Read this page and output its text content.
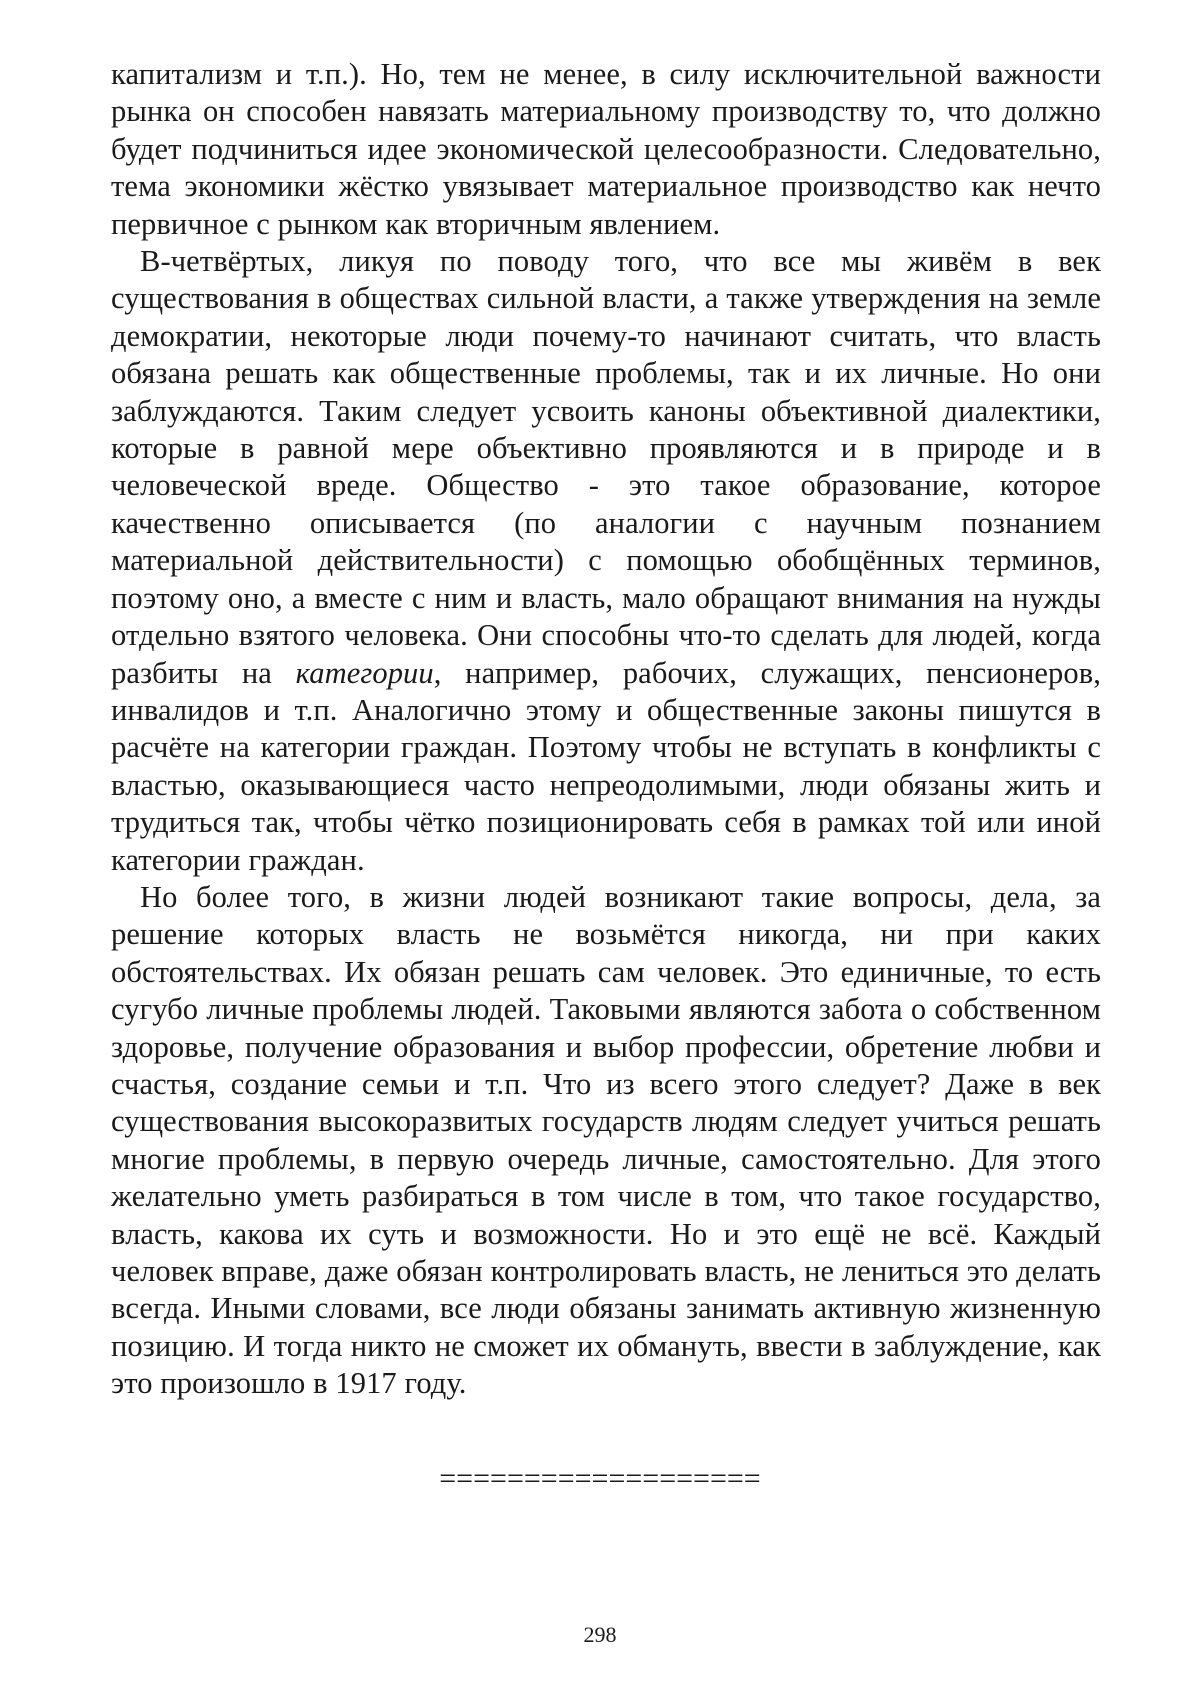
капитализм и т.п.). Но, тем не менее, в силу исключительной важности рынка он способен навязать материальному производству то, что должно будет подчиниться идее экономической целесообразности. Следовательно, тема экономики жёстко увязывает материальное производство как нечто первичное с рынком как вторичным явлением.

В-четвёртых, ликуя по поводу того, что все мы живём в век существования в обществах сильной власти, а также утверждения на земле демократии, некоторые люди почему-то начинают считать, что власть обязана решать как общественные проблемы, так и их личные. Но они заблуждаются. Таким следует усвоить каноны объективной диалектики, которые в равной мере объективно проявляются и в природе и в человеческой вреде. Общество - это такое образование, которое качественно описывается (по аналогии с научным познанием материальной действительности) с помощью обобщённых терминов, поэтому оно, а вместе с ним и власть, мало обращают внимания на нужды отдельно взятого человека. Они способны что-то сделать для людей, когда разбиты на категории, например, рабочих, служащих, пенсионеров, инвалидов и т.п. Аналогично этому и общественные законы пишутся в расчёте на категории граждан. Поэтому чтобы не вступать в конфликты с властью, оказывающиеся часто непреодолимыми, люди обязаны жить и трудиться так, чтобы чётко позиционировать себя в рамках той или иной категории граждан.

Но более того, в жизни людей возникают такие вопросы, дела, за решение которых власть не возьмётся никогда, ни при каких обстоятельствах. Их обязан решать сам человек. Это единичные, то есть сугубо личные проблемы людей. Таковыми являются забота о собственном здоровье, получение образования и выбор профессии, обретение любви и счастья, создание семьи и т.п. Что из всего этого следует? Даже в век существования высокоразвитых государств людям следует учиться решать многие проблемы, в первую очередь личные, самостоятельно. Для этого желательно уметь разбираться в том числе в том, что такое государство, власть, какова их суть и возможности. Но и это ещё не всё. Каждый человек вправе, даже обязан контролировать власть, не лениться это делать всегда. Иными словами, все люди обязаны занимать активную жизненную позицию. И тогда никто не сможет их обмануть, ввести в заблуждение, как это произошло в 1917 году.

===================
298
